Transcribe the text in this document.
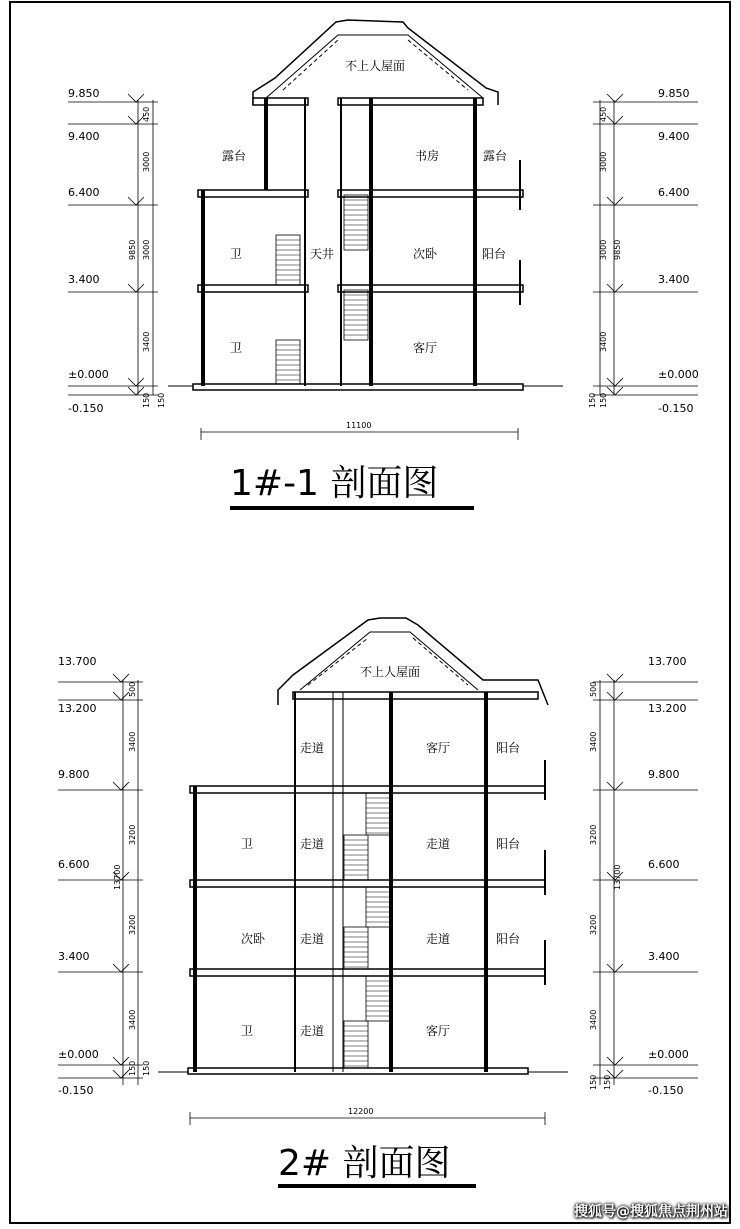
不上人屋面
露台	书房	露台
卫	天井	次卧	阳台
卫	客厅
9.850
9.400
6.400
3.400
±0.000
-0.150
9.850
9.400
6.400
3.400
±0.000
-0.150
450
3000
3000
3400
150
9850
150
450
3000
3000
3400
150
9850
150
11100
1#-1 剖面图
不上人屋面
走道	客厅	阳台
卫	走道	走道	阳台
次卧	走道	走道	阳台
卫	走道	客厅
13.700
13.200
9.800
6.600
3.400
±0.000
-0.150
13.700
13.200
9.800
6.600
3.400
±0.000
-0.150
500
3400
3200
3200
3400
150
13700
150
500
3400
3200
3200
3400
150
13700
150
12200
2# 剖面图
搜狐号@搜狐焦点荆州站
